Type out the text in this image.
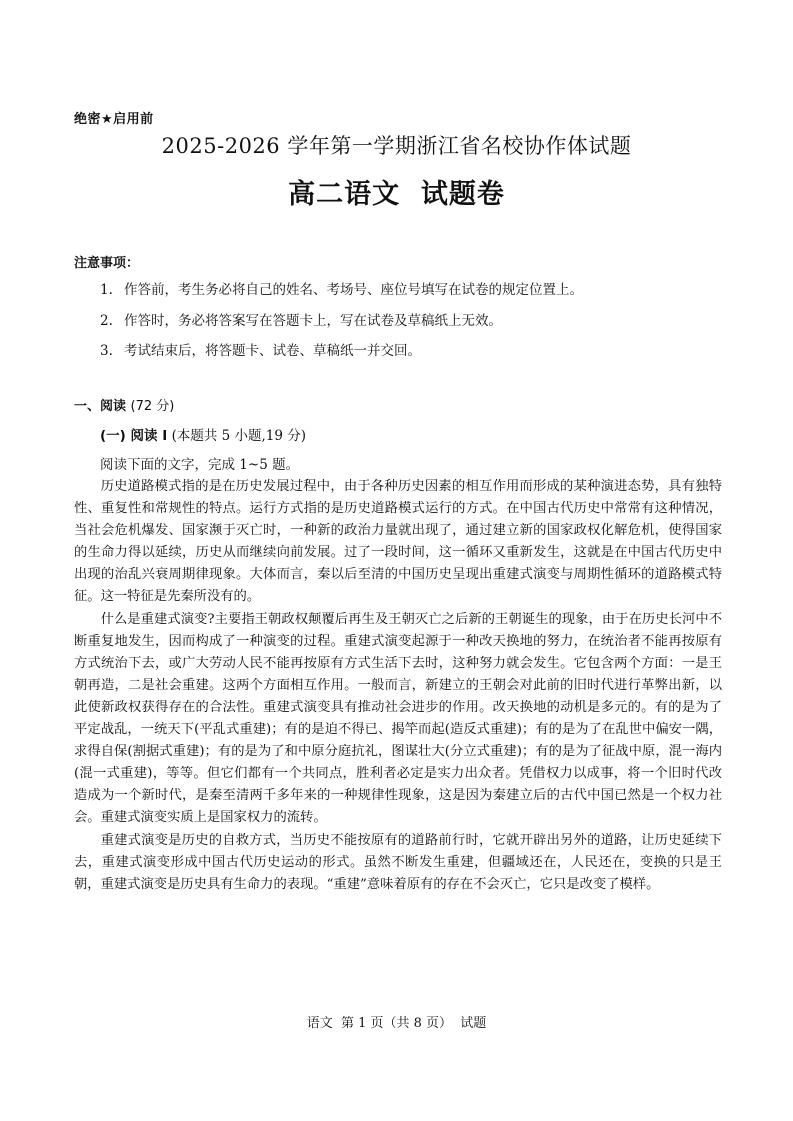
绝密★启用前
2025-2026 学年第一学期浙江省名校协作体试题
高二语文  试题卷
注意事项：
1. 作答前，考生务必将自己的姓名、考场号、座位号填写在试卷的规定位置上。
2. 作答时，务必将答案写在答题卡上，写在试卷及草稿纸上无效。
3. 考试结束后，将答题卡、试卷、草稿纸一并交回。
一、阅读 (72 分)
(一) 阅读 I (本题共 5 小题,19 分)
阅读下面的文字，完成 1~5 题。

历史道路模式指的是在历史发展过程中，由于各种历史因素的相互作用而形成的某种演进态势，具有独特性、重复性和常规性的特点。运行方式指的是历史道路模式运行的方式。在中国古代历史中常常有这种情况，当社会危机爆发、国家濒于灭亡时，一种新的政治力量就出现了，通过建立新的国家政权化解危机，使得国家的生命力得以延续，历史从而继续向前发展。过了一段时间，这一循环又重新发生，这就是在中国古代历史中出现的治乱兴衰周期律现象。大体而言，秦以后至清的中国历史呈现出重建式演变与周期性循环的道路模式特征。这一特征是先秦所没有的。

什么是重建式演变?主要指王朝政权颠覆后再生及王朝灭亡之后新的王朝诞生的现象，由于在历史长河中不断重复地发生，因而构成了一种演变的过程。重建式演变起源于一种改天换地的努力，在统治者不能再按原有方式统治下去，或广大劳动人民不能再按原有方式生活下去时，这种努力就会发生。它包含两个方面：一是王朝再造，二是社会重建。这两个方面相互作用。一般而言，新建立的王朝会对此前的旧时代进行革弊出新，以此使新政权获得存在的合法性。重建式演变具有推动社会进步的作用。改天换地的动机是多元的。有的是为了平定战乱，一统天下(平乱式重建)；有的是迫不得已、揭竿而起(造反式重建)；有的是为了在乱世中偏安一隅，求得自保(割据式重建)；有的是为了和中原分庭抗礼，图谋壮大(分立式重建)；有的是为了征战中原，混一海内(混一式重建)，等等。但它们都有一个共同点，胜利者必定是实力出众者。凭借权力以成事，将一个旧时代改造成为一个新时代，是秦至清两千多年来的一种规律性现象，这是因为秦建立后的古代中国已然是一个权力社会。重建式演变实质上是国家权力的流转。

重建式演变是历史的自救方式，当历史不能按原有的道路前行时，它就开辟出另外的道路，让历史延续下去，重建式演变形成中国古代历史运动的形式。虽然不断发生重建，但疆域还在，人民还在，变换的只是王朝，重建式演变是历史具有生命力的表现。“重建”意味着原有的存在不会灭亡，它只是改变了模样。

语文  第 1 页（共 8 页）  试题
